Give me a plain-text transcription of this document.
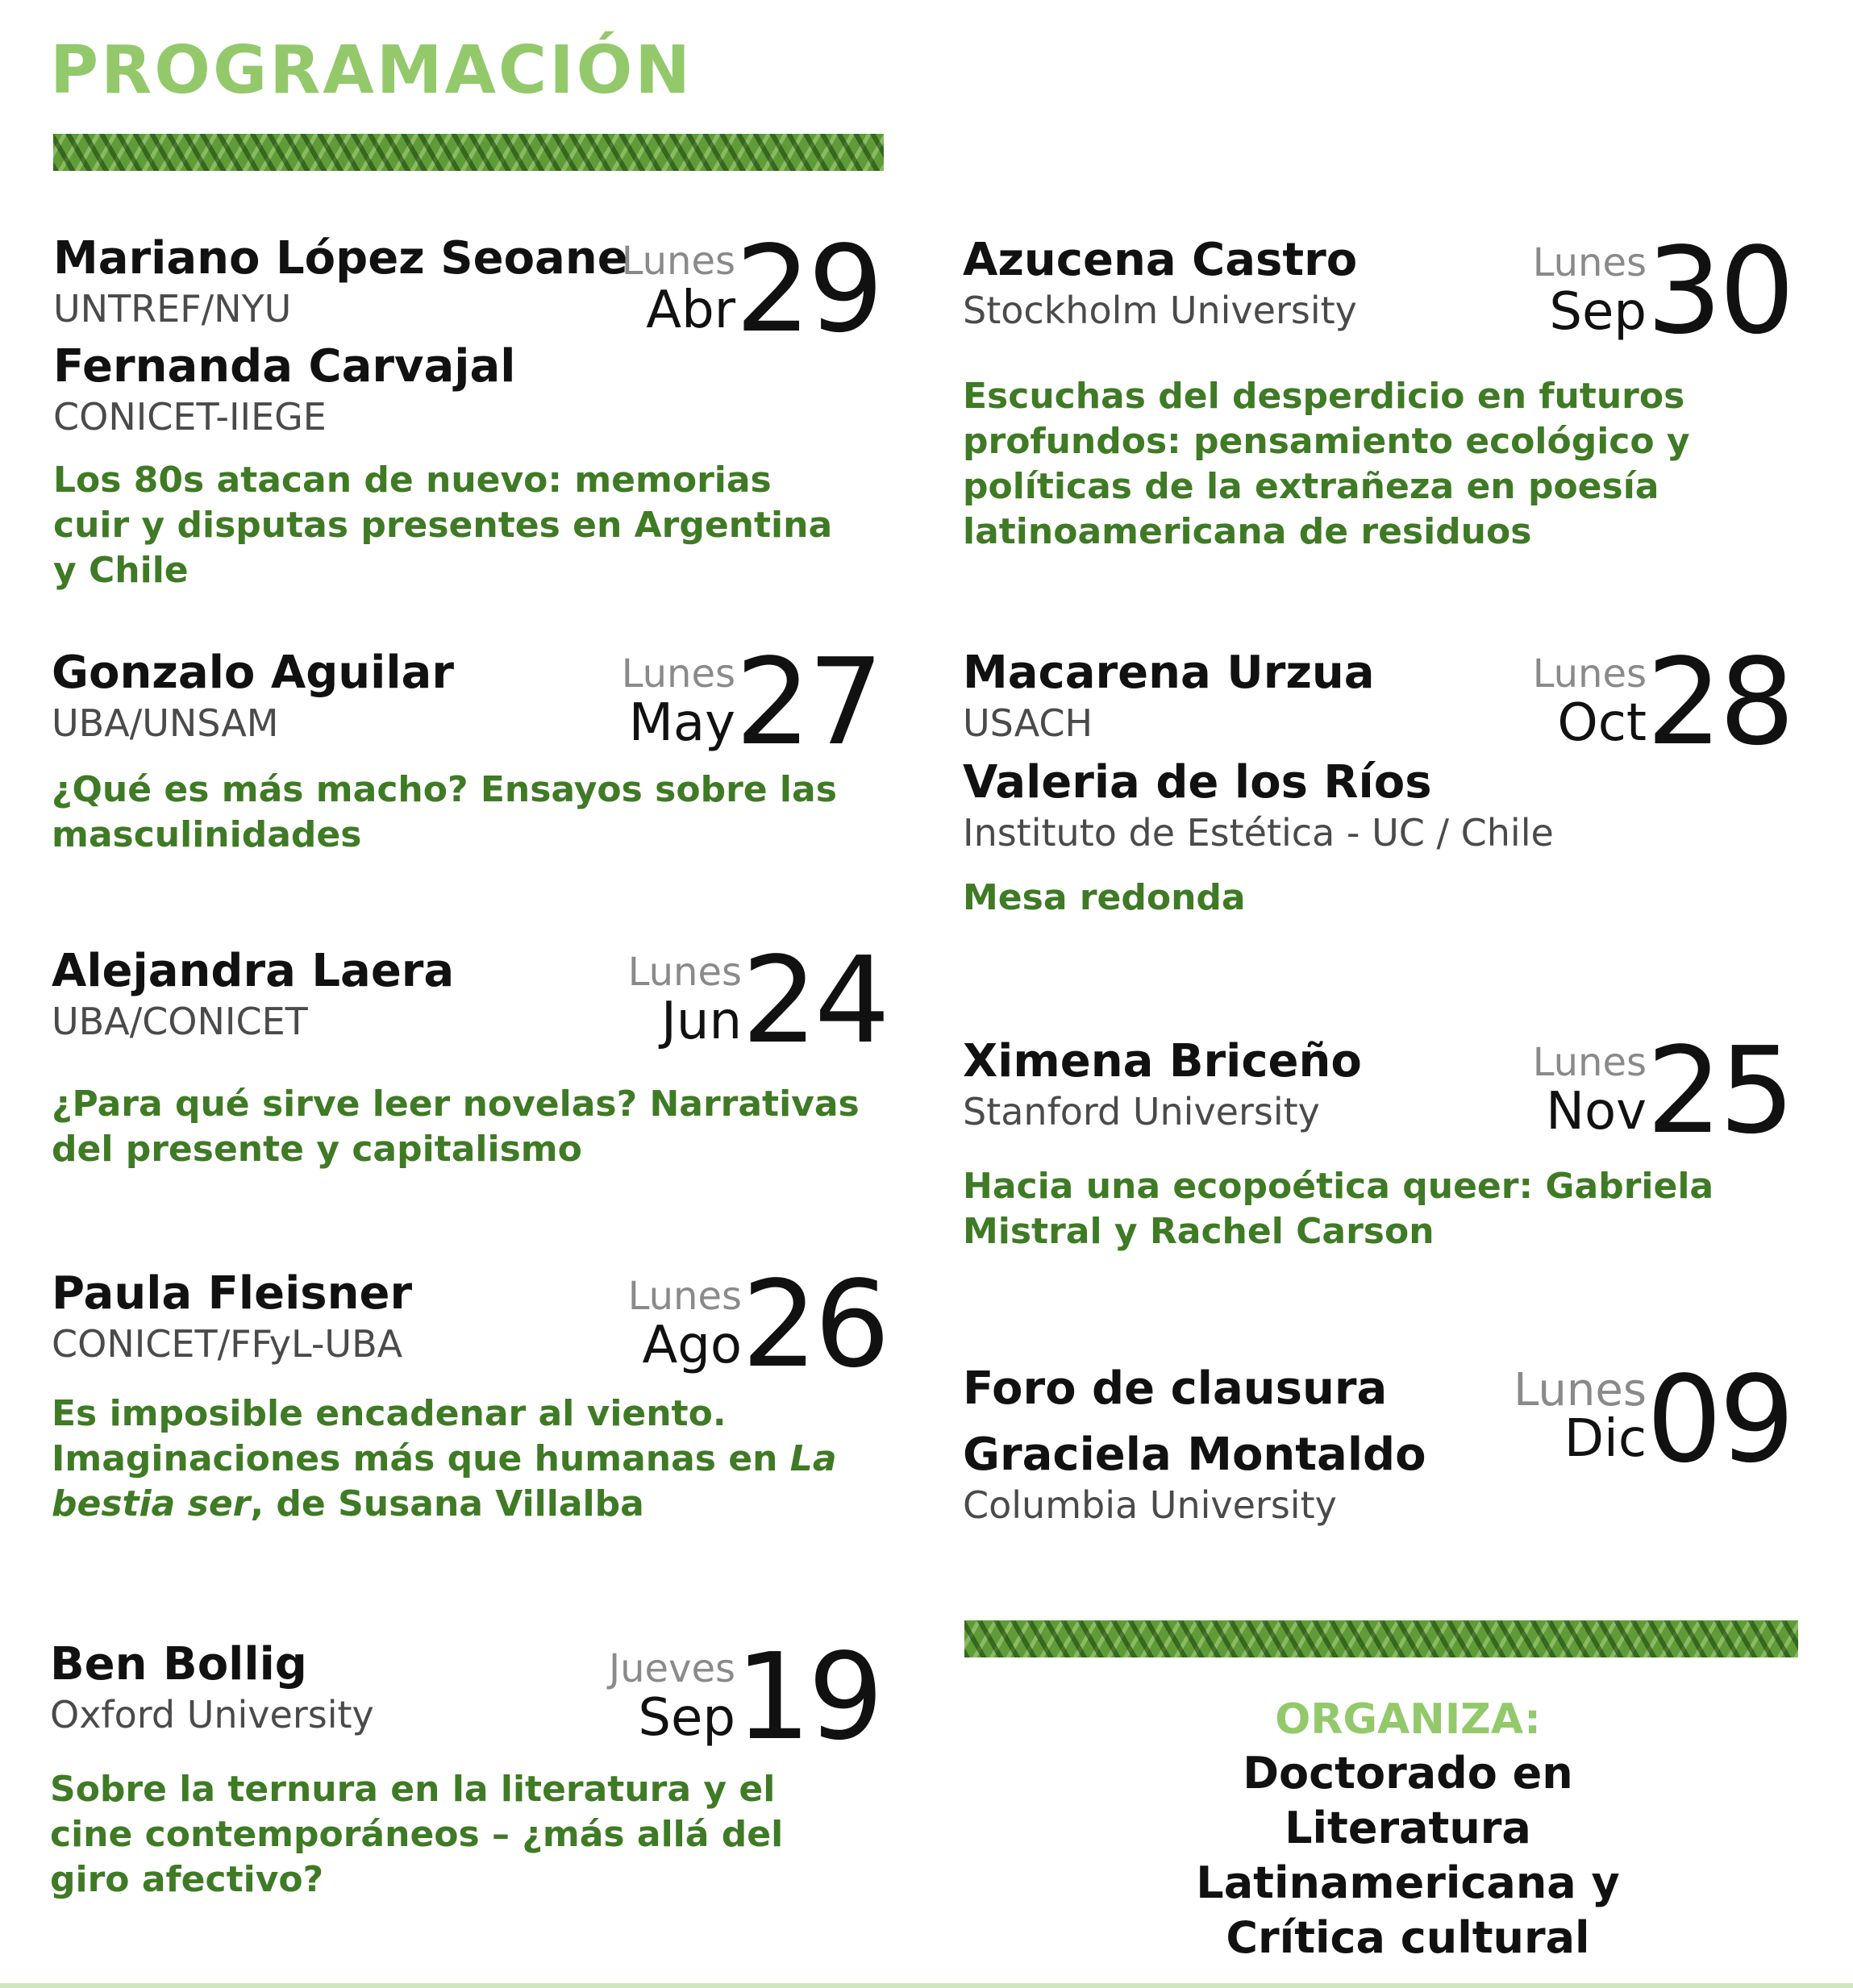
PROGRAMACIÓN
Mariano López Seoane
UNTREF/NYU
Fernanda Carvajal
CONICET-IIEGE
Los 80s atacan de nuevo: memorias cuir y disputas presentes en Argentina y Chile
Lunes
Abr 29
Gonzalo Aguilar
UBA/UNSAM
¿Qué es más macho? Ensayos sobre las masculinidades
Lunes
May 27
Alejandra Laera
UBA/CONICET
¿Para qué sirve leer novelas? Narrativas del presente y capitalismo
Lunes
Jun 24
Paula Fleisner
CONICET/FFyL-UBA
Es imposible encadenar al viento. Imaginaciones más que humanas en La bestia ser, de Susana Villalba
Lunes
Ago 26
Ben Bollig
Oxford University
Sobre la ternura en la literatura y el cine contemporáneos – ¿más allá del giro afectivo?
Jueves
Sep 19
Azucena Castro
Stockholm University
Escuchas del desperdicio en futuros profundos: pensamiento ecológico y políticas de la extrañeza en poesía latinoamericana de residuos
Lunes
Sep 30
Macarena Urzua
USACH
Valeria de los Ríos
Instituto de Estética - UC / Chile
Mesa redonda
Lunes
Oct 28
Ximena Briceño
Stanford University
Hacia una ecopoética queer: Gabriela Mistral y Rachel Carson
Lunes
Nov 25
Foro de clausura
Graciela Montaldo
Columbia University
Lunes
Dic 09
ORGANIZA:
Doctorado en Literatura Latinamericana y Crítica cultural
